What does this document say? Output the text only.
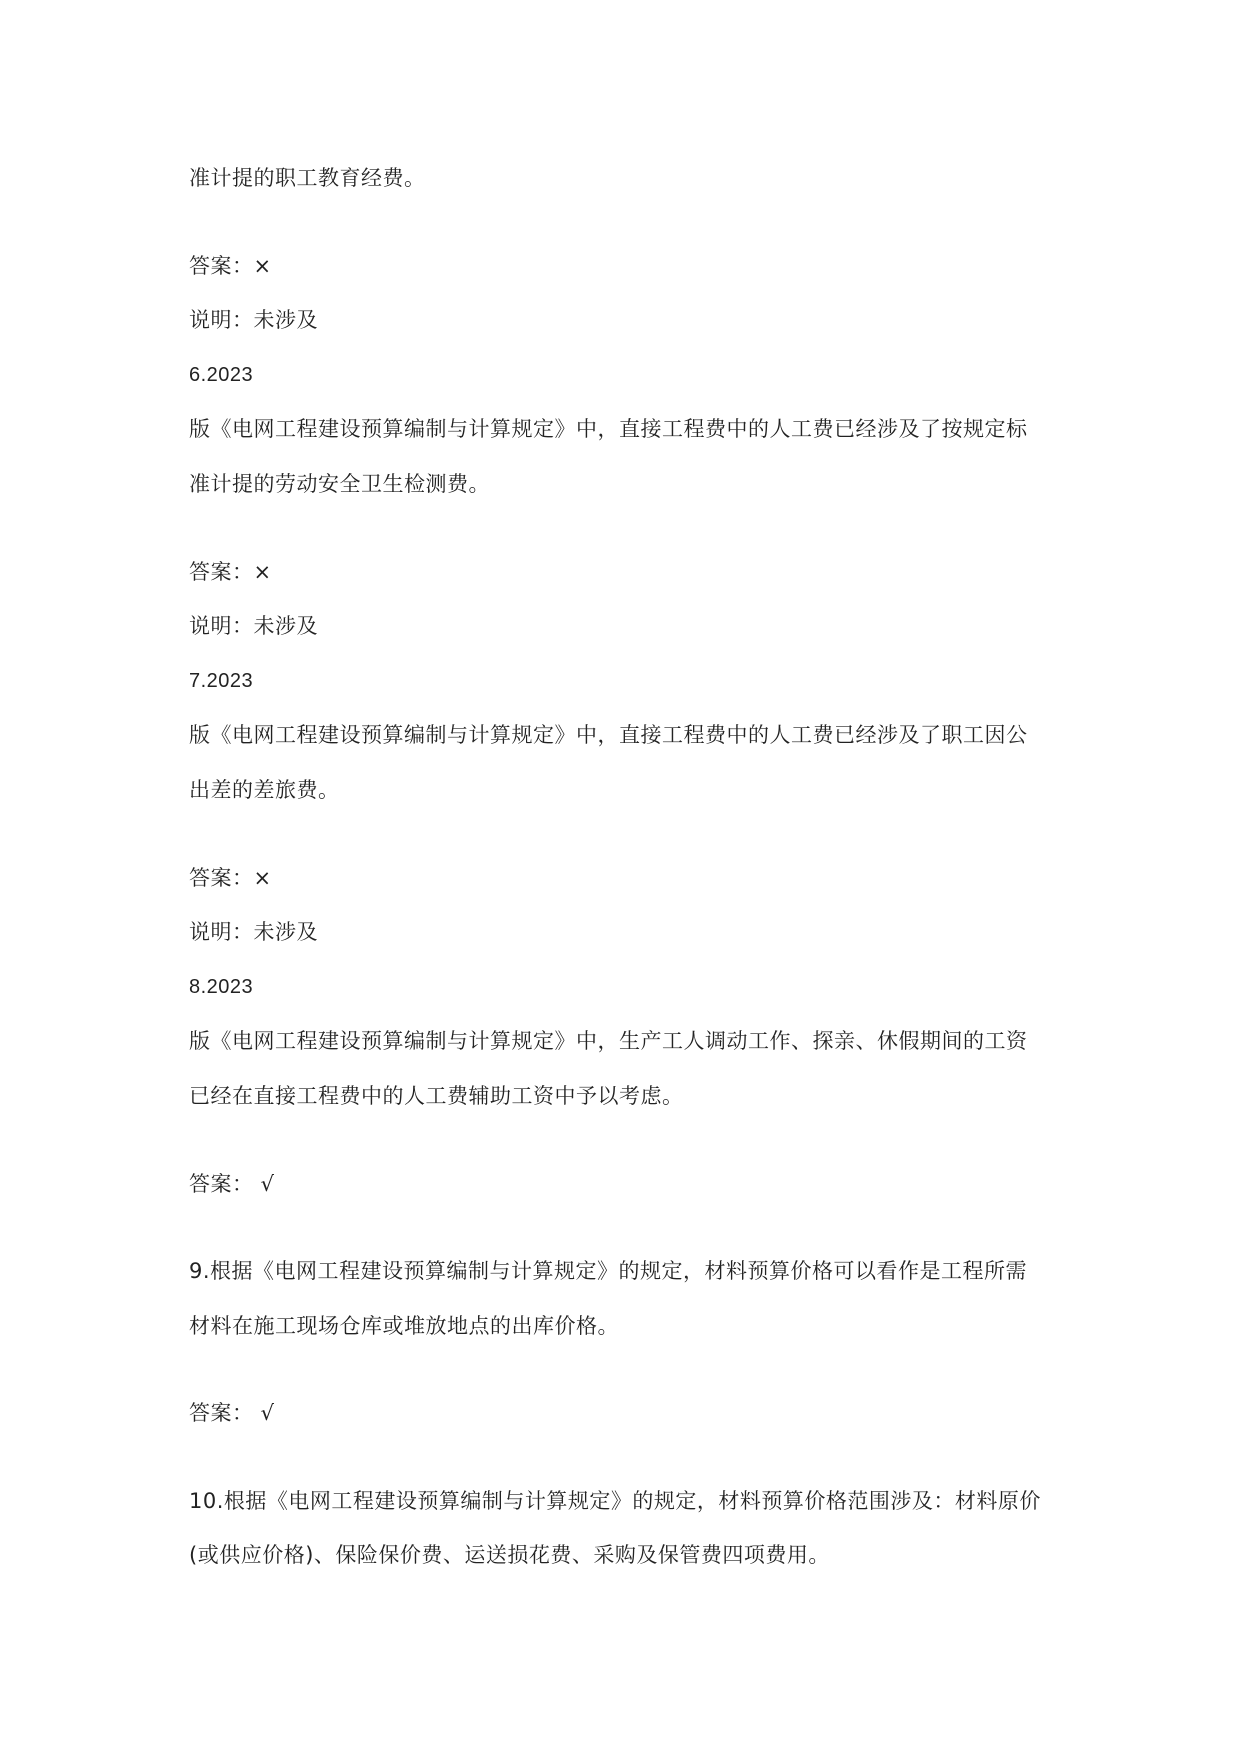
准计提的职工教育经费。
答案：×
说明：未涉及
6.2023
版《电网工程建设预算编制与计算规定》中，直接工程费中的人工费已经涉及了按规定标
准计提的劳动安全卫生检测费。
答案：×
说明：未涉及
7.2023
版《电网工程建设预算编制与计算规定》中，直接工程费中的人工费已经涉及了职工因公
出差的差旅费。
答案：×
说明：未涉及
8.2023
版《电网工程建设预算编制与计算规定》中，生产工人调动工作、探亲、休假期间的工资
已经在直接工程费中的人工费辅助工资中予以考虑。
答案： √
9.根据《电网工程建设预算编制与计算规定》的规定，材料预算价格可以看作是工程所需
材料在施工现场仓库或堆放地点的出库价格。
答案： √
10.根据《电网工程建设预算编制与计算规定》的规定，材料预算价格范围涉及：材料原价
(或供应价格)、保险保价费、运送损花费、采购及保管费四项费用。
